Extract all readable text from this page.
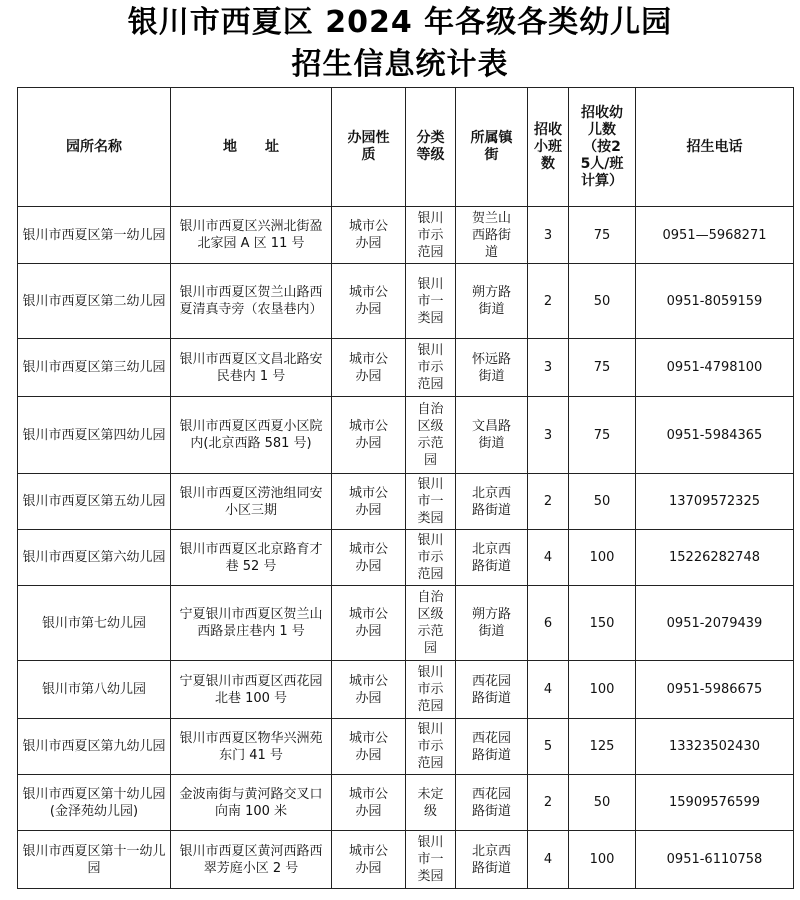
银川市西夏区 2024 年各级各类幼儿园
招生信息统计表
园所名称	地　　址	办园性质	分类等级	所属镇街	招收小班数	招收幼儿数（按25人/班计算）	招生电话
银川市西夏区第一幼儿园	银川市西夏区兴洲北街盈北家园 A 区 11 号	城市公办园	银川市示范园	贺兰山西路街道	3	75	0951—5968271
银川市西夏区第二幼儿园	银川市西夏区贺兰山路西夏清真寺旁（农垦巷内）	城市公办园	银川市一类园	朔方路街道	2	50	0951-8059159
银川市西夏区第三幼儿园	银川市西夏区文昌北路安民巷内 1 号	城市公办园	银川市示范园	怀远路街道	3	75	0951-4798100
银川市西夏区第四幼儿园	银川市西夏区西夏小区院内(北京西路 581 号)	城市公办园	自治区级示范园	文昌路街道	3	75	0951-5984365
银川市西夏区第五幼儿园	银川市西夏区涝池组同安小区三期	城市公办园	银川市一类园	北京西路街道	2	50	13709572325
银川市西夏区第六幼儿园	银川市西夏区北京路育才巷 52 号	城市公办园	银川市示范园	北京西路街道	4	100	15226282748
银川市第七幼儿园	宁夏银川市西夏区贺兰山西路景庄巷内 1 号	城市公办园	自治区级示范园	朔方路街道	6	150	0951-2079439
银川市第八幼儿园	宁夏银川市西夏区西花园北巷 100 号	城市公办园	银川市示范园	西花园路街道	4	100	0951-5986675
银川市西夏区第九幼儿园	银川市西夏区物华兴洲苑东门 41 号	城市公办园	银川市示范园	西花园路街道	5	125	13323502430
银川市西夏区第十幼儿园(金泽苑幼儿园)	金波南街与黄河路交叉口向南 100 米	城市公办园	未定级	西花园路街道	2	50	15909576599
银川市西夏区第十一幼儿园	银川市西夏区黄河西路西翠芳庭小区 2 号	城市公办园	银川市一类园	北京西路街道	4	100	0951-6110758
